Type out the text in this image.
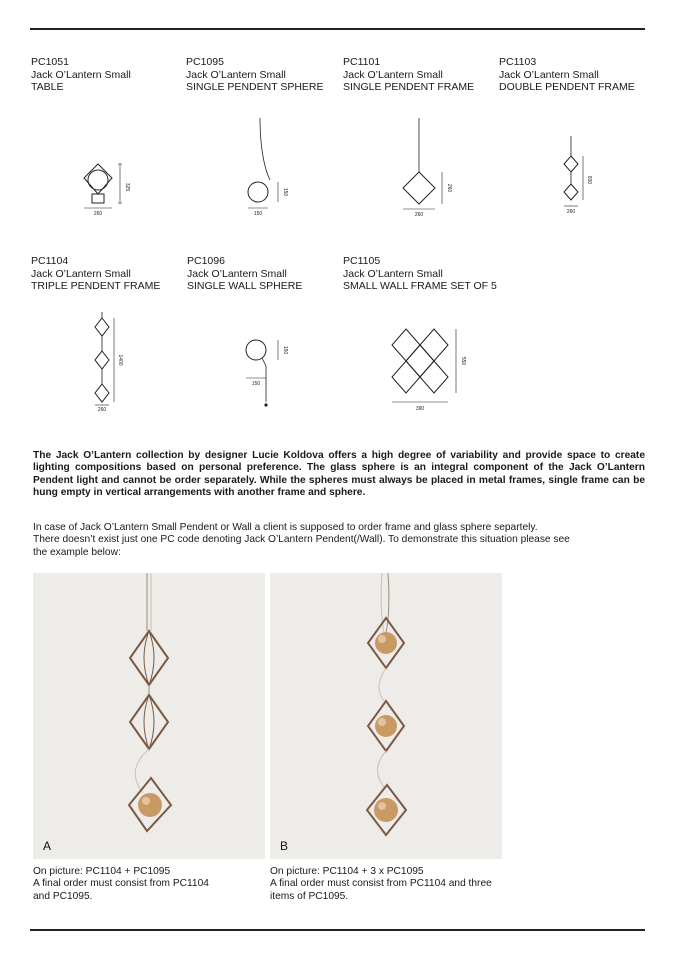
PC1051
Jack O’Lantern Small
TABLE
PC1095
Jack O’Lantern Small
SINGLE PENDENT SPHERE
PC1101
Jack O’Lantern Small
SINGLE PENDENT FRAME
PC1103
Jack O’Lantern Small
DOUBLE PENDENT FRAME
325
260
150
150
260
260
830
260
PC1104
Jack O’Lantern Small
TRIPLE PENDENT FRAME
PC1096
Jack O’Lantern Small
SINGLE WALL SPHERE
PC1105
Jack O’Lantern Small
SMALL WALL FRAME SET OF 5
1400
260
150
150
550
390

The Jack O’Lantern collection by designer Lucie Koldova offers a high degree of variability and provide space to create lighting compositions based on personal preference. The glass sphere is an integral component of the Jack O’Lantern Pendent light and cannot be order separately. While the spheres must always be placed in metal frames, single frame can be hung empty in vertical arrangements with another frame and sphere.

In case of Jack O’Lantern Small Pendent or Wall a client is supposed to order frame and glass sphere separtely.
There doesn’t exist just one PC code denoting Jack O’Lantern Pendent(/Wall). To demonstrate this situation please see
the example below:
A	B
On picture: PC1104 + PC1095
A final order must consist from PC1104
and PC1095.
On picture: PC1104 + 3 x PC1095
A final order must consist from PC1104 and three
items of PC1095.
